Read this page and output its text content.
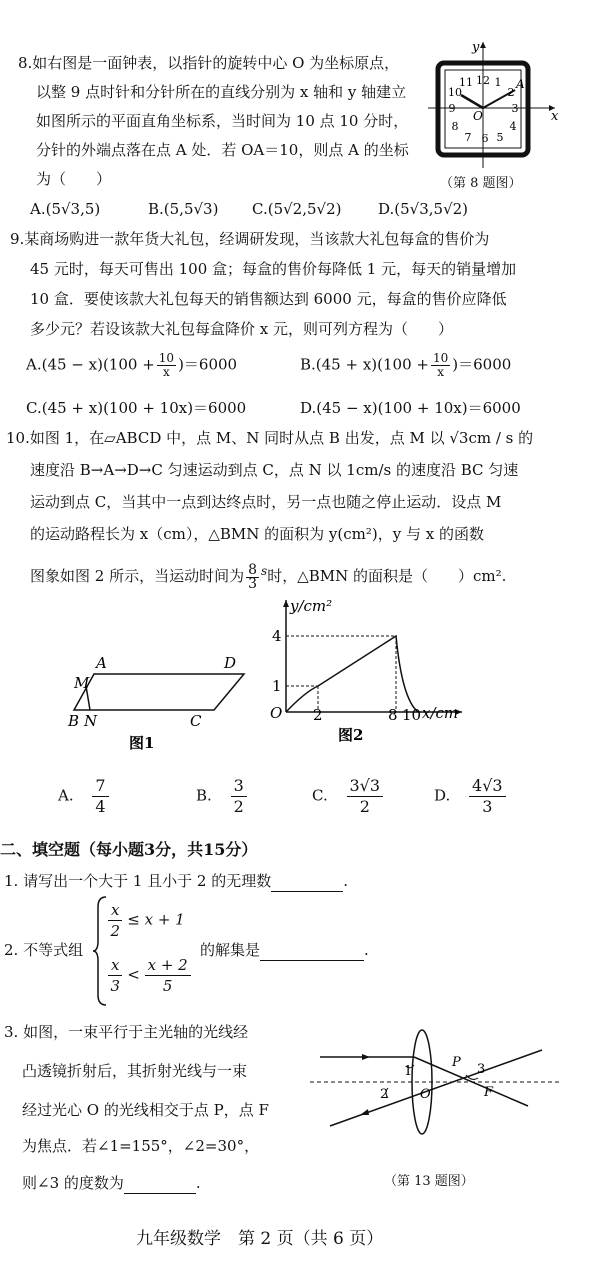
8.如右图是一面钟表，以指针的旋转中心 O 为坐标原点，
以整 9 点时针和分针所在的直线分别为 x 轴和 y 轴建立
如图所示的平面直角坐标系，当时间为 10 点 10 分时，
分针的外端点落在点 A 处．若 OA＝10，则点 A 的坐标
为（　　）
12 1
2
3
4
5
6
7
8
9
10
11
x
y
O
A
（第 8 题图）
A.(5√3,5)	B.(5,5√3) C.(5√2,5√2) D.(5√3,5√2)
9.某商场购进一款年货大礼包，经调研发现，当该款大礼包每盒的售价为
45 元时，每天可售出 100 盒；每盒的售价每降低 1 元，每天的销量增加
10 盒．要使该款大礼包每天的销售额达到 6000 元，每盒的售价应降低
多少元？若设该款大礼包每盒降价 x 元，则可列方程为（　　）
$A.(45 - x)(100 + \frac{10}{x} )=6000$	$B.(45 + x)(100 + \frac{10}{x} )=6000$
C.(45 + x)(100 + 10x)＝6000	D.(45 − x)(100 + 10x)＝6000
10.如图 1，在▱ABCD 中，点 M、N 同时从点 B 出发，点 M 以 √3cm / s 的
速度沿 B→A→D→C 匀速运动到点 C，点 N 以 1cm/s 的速度沿 BC 匀速
运动到点 C，当其中一点到达终点时，另一点也随之停止运动．设点 M
的运动路程长为 x（cm），△BMN 的面积为 y(cm²)，y 与 x 的函数
图象如图 2 所示，当运动时间为 $\frac{8}{3} ^s$时，△BMN 的面积是（　　）cm².
A	D
M
B N	C
图1
y/cm²
x/cm
O 2	8 10
1
4
图2
A. $\frac{7}{4}$	B. $\frac{3}{2}$	C. $\frac{3√3}{2}$	D. $\frac{4√3}{3}$
二、填空题（每小题3分，共15分）
1. 请写出一个大于 1 且小于 2 的无理数	.
2. 不等式组
$\frac{x}{2} \le x + 1$
$\frac{x}{3} < \frac{x + 2}{5}$
的解集是	.
3. 如图，一束平行于主光轴的光线经
凸透镜折射后，其折射光线与一束
经过光心 O 的光线相交于点 P，点 F
为焦点．若∠1=155°，∠2=30°，
则∠3 的度数为	.
1
2
3
O
P
F
（第 13 题图）
九年级数学　第 2 页（共 6 页）
